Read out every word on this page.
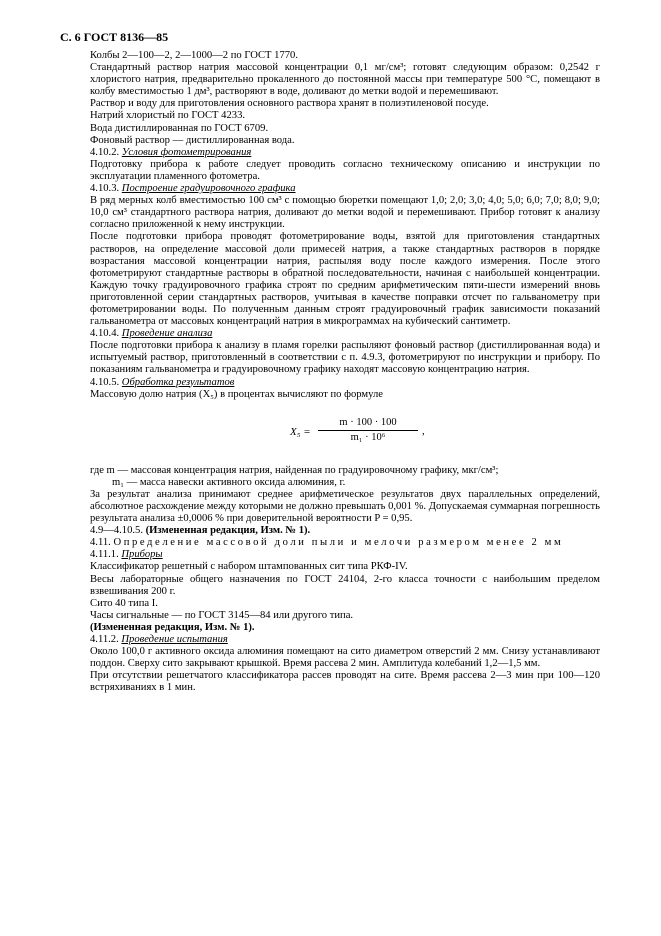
С. 6 ГОСТ 8136—85

Колбы 2—100—2, 2—1000—2 по ГОСТ 1770.

Стандартный раствор натрия массовой концентрации 0,1 мг/см³; готовят следующим образом: 0,2542 г хлористого натрия, предварительно прокаленного до постоянной массы при температуре 500 °С, помещают в колбу вместимостью 1 дм³, растворяют в воде, доливают до метки водой и перемешивают.

Раствор и воду для приготовления основного раствора хранят в полиэтиленовой посуде.

Натрий хлористый по ГОСТ 4233.

Вода дистиллированная по ГОСТ 6709.

Фоновый раствор — дистиллированная вода.

4.10.2. Условия фотометрирования

Подготовку прибора к работе следует проводить согласно техническому описанию и инструкции по эксплуатации пламенного фотометра.

4.10.3. Построение градуировочного графика

В ряд мерных колб вместимостью 100 см³ с помощью бюретки помещают 1,0; 2,0; 3,0; 4,0; 5,0; 6,0; 7,0; 8,0; 9,0; 10,0 см³ стандартного раствора натрия, доливают до метки водой и перемешивают. Прибор готовят к анализу согласно приложенной к нему инструкции.

После подготовки прибора проводят фотометрирование воды, взятой для приготовления стандартных растворов, на определение массовой доли примесей натрия, а также стандартных растворов в порядке возрастания массовой концентрации натрия, распыляя воду после каждого измерения. После этого фотометрируют стандартные растворы в обратной последовательности, начиная с наибольшей концентрации. Каждую точку градуировочного графика строят по средним арифметическим пяти-шести измерений вновь приготовленной серии стандартных растворов, учитывая в качестве поправки отсчет по гальванометру при фотометрировании воды. По полученным данным строят градуировочный график зависимости показаний гальванометра от массовых концентраций натрия в микрограммах на кубический сантиметр.

4.10.4. Проведение анализа

После подготовки прибора к анализу в пламя горелки распыляют фоновый раствор (дистиллированная вода) и испытуемый раствор, приготовленный в соответствии с п. 4.9.3, фотометрируют по инструкции и прибору. По показаниям гальванометра и градуировочному графику находят массовую концентрацию натрия.

4.10.5. Обработка результатов

Массовую долю натрия (X₅) в процентах вычисляют по формуле

$X_5 = \frac{m \cdot 100 \cdot 100}{\text{m₁ · 10⁶}}$ ,

где m — массовая концентрация натрия, найденная по градуировочному графику, мкг/см³;

m₁ — масса навески активного оксида алюминия, г.

За результат анализа принимают среднее арифметическое результатов двух параллельных определений, абсолютное расхождение между которыми не должно превышать 0,001 %. Допускаемая суммарная погрешность результата анализа ±0,0006 % при доверительной вероятности P = 0,95.

4.9—4.10.5. (Измененная редакция, Изм. № 1).

4.11. Определение массовой доли пыли и мелочи размером менее 2 мм

4.11.1. Приборы

Классификатор решетный с набором штампованных сит типа РКФ-IV.

Весы лабораторные общего назначения по ГОСТ 24104, 2-го класса точности с наибольшим пределом взвешивания 200 г.

Сито 40 типа I.

Часы сигнальные — по ГОСТ 3145—84 или другого типа.

(Измененная редакция, Изм. № 1).

4.11.2. Проведение испытания

Около 100,0 г активного оксида алюминия помещают на сито диаметром отверстий 2 мм. Снизу устанавливают поддон. Сверху сито закрывают крышкой. Время рассева 2 мин. Амплитуда колебаний 1,2—1,5 мм.

При отсутствии решетчатого классификатора рассев проводят на сите. Время рассева 2—3 мин при 100—120 встряхиваниях в 1 мин.
